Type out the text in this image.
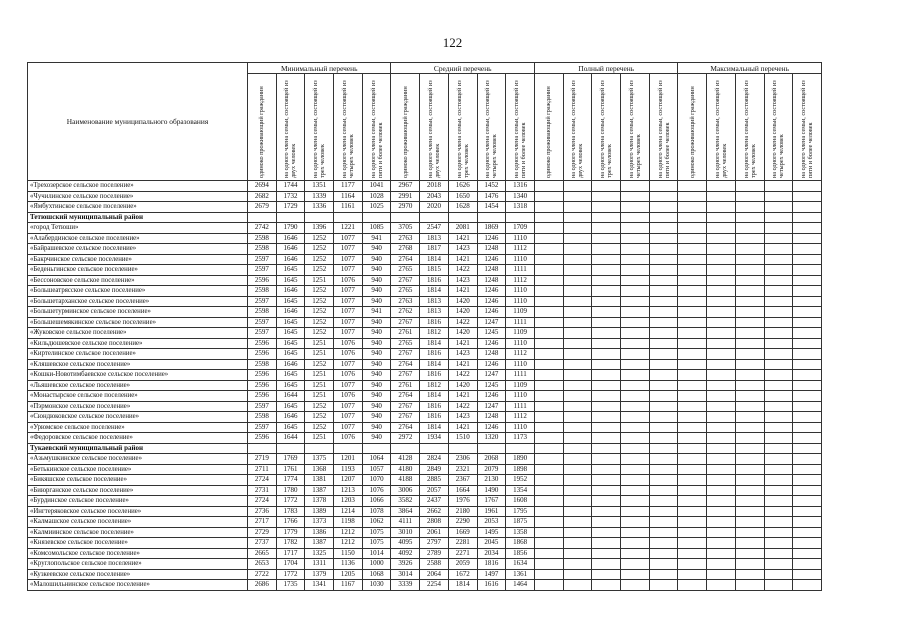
122
Наименование муниципального образования	Минимальный перечень					Средний перечень					Полный перечень					Максимальный перечень				
	одиноко проживающий гражданин	на одного члена семьи, состоящей из двух человек	на одного члена семьи, состоящей из трех человек	на одного члена семьи, состоящей из четырех человек	на одного члена семьи, состоящей из пяти и более человек	одиноко проживающий гражданин	на одного члена семьи, состоящей из двух человек	на одного члена семьи, состоящей из трех человек	на одного члена семьи, состоящей из четырех человек	на одного члена семьи, состоящей из пяти и более человек	одиноко проживающий гражданин	на одного члена семьи, состоящей из двух человек	на одного члена семьи, состоящей из трех человек	на одного члена семьи, состоящей из четырех человек	на одного члена семьи, состоящей из пяти и более человек	одиноко проживающий гражданин	на одного члена семьи, состоящей из двух человек	на одного члена семьи, состоящей из трех человек	на одного члена семьи, состоящей из четырех человек	на одного члена семьи, состоящей из пяти и более человек
«Трехозерское сельское поселение»	2694	1744	1351	1177	1041	2967	2018	1626	1452	1316										
«Чучилинское сельское поселение»	2682	1732	1339	1164	1028	2991	2043	1650	1476	1340										
«Ямбухтинское сельское поселение»	2679	1729	1336	1161	1025	2970	2020	1628	1454	1318										
Тетюшский муниципальный район																				
«город Тетюши»	2742	1790	1396	1221	1085	3705	2547	2081	1869	1709										
«Алабердинское сельское поселение»	2598	1646	1252	1077	941	2763	1813	1421	1246	1110										
«Байрашевское сельское поселение»	2598	1646	1252	1077	940	2768	1817	1423	1248	1112										
«Бакрчинское сельское поселение»	2597	1646	1252	1077	940	2764	1814	1421	1246	1110										
«Беденьгинское сельское поселение»	2597	1645	1252	1077	940	2765	1815	1422	1248	1111										
«Бессоновское сельское поселение»	2596	1645	1251	1076	940	2767	1816	1423	1248	1112										
«Большеатрясское сельское поселение»	2598	1646	1252	1077	940	2765	1814	1421	1246	1110										
«Большетарханское сельское поселение»	2597	1645	1252	1077	940	2763	1813	1420	1246	1110										
«Большетурминское сельское поселение»	2598	1646	1252	1077	941	2762	1813	1420	1246	1109										
«Большешемякинское сельское поселение»	2597	1645	1252	1077	940	2767	1816	1422	1247	1111										
«Жуковское сельское поселение»	2597	1645	1252	1077	940	2761	1812	1420	1245	1109										
«Кильдюшевское сельское поселение»	2596	1645	1251	1076	940	2765	1814	1421	1246	1110										
«Киртелинское сельское поселение»	2596	1645	1251	1076	940	2767	1816	1423	1248	1112										
«Кляшевское сельское поселение»	2598	1646	1252	1077	940	2764	1814	1421	1246	1110										
«Кошки-Новотимбаевское сельское поселение»	2596	1645	1251	1076	940	2767	1816	1422	1247	1111										
«Льяшевское сельское поселение»	2596	1645	1251	1077	940	2761	1812	1420	1245	1109										
«Монастырское сельское поселение»	2596	1644	1251	1076	940	2764	1814	1421	1246	1110										
«Пэрмонское сельское поселение»	2597	1645	1252	1077	940	2767	1816	1422	1247	1111										
«Сюндюковское сельское поселение»	2598	1646	1252	1077	940	2767	1816	1423	1248	1112										
«Урюмское сельское поселение»	2597	1645	1252	1077	940	2764	1814	1421	1246	1110										
«Федоровское сельское поселение»	2596	1644	1251	1076	940	2972	1934	1510	1320	1173										
Тукаевский муниципальный район																				
«Азьмушкинское сельское поселение»	2719	1769	1375	1201	1064	4128	2824	2306	2068	1890										
«Бетькинское сельское поселение»	2711	1761	1368	1193	1057	4180	2849	2321	2079	1898										
«Бикяшское сельское поселение»	2724	1774	1381	1207	1070	4188	2885	2367	2130	1952										
«Биюрганское сельское поселение»	2731	1780	1387	1213	1076	3006	2057	1664	1490	1354										
«Бурдинское сельское поселение»	2724	1772	1378	1203	1066	3582	2437	1976	1767	1608										
«Ингтеряковское сельское поселение»	2736	1783	1389	1214	1078	3864	2662	2180	1961	1795										
«Калмашское сельское поселение»	2717	1766	1373	1198	1062	4111	2808	2290	2053	1875										
«Калмиинское сельское поселение»	2729	1779	1386	1212	1075	3010	2061	1669	1495	1358										
«Князевское сельское поселение»	2737	1782	1387	1212	1075	4095	2797	2281	2045	1868										
«Комсомольское сельское поселение»	2665	1717	1325	1150	1014	4092	2789	2271	2034	1856										
«Круглопольское сельское поселение»	2653	1704	1311	1136	1000	3926	2588	2059	1816	1634										
«Кузкеевское сельское поселение»	2722	1772	1379	1205	1068	3014	2064	1672	1497	1361										
«Малошильнинское сельское поселение»	2686	1735	1341	1167	1030	3339	2254	1814	1616	1464										
